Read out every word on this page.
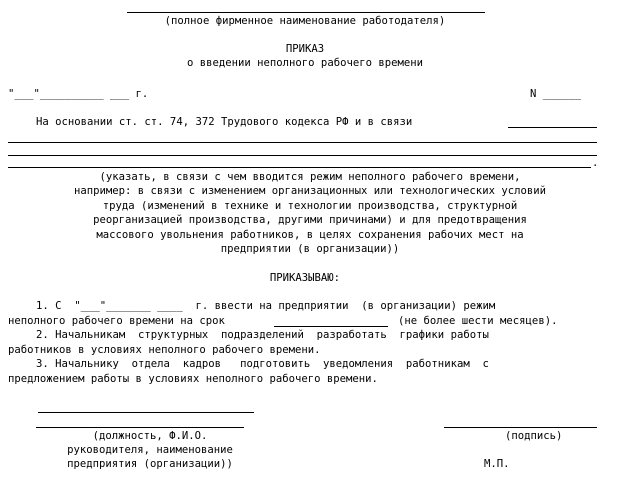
(полное фирменное наименование работодателя)
ПРИКАЗ
о введении неполного рабочего времени
"___"__________ ___ г.	N ______
На основании ст. ст. 74, 372 Трудового кодекса РФ и в связи
.
(указать, в связи с чем вводится режим неполного рабочего времени,
например: в связи с изменением организационных или технологических условий
труда (изменений в технике и технологии производства, структурной
реорганизацией производства, другими причинами) и для предотвращения
массового увольнения работников, в целях сохранения рабочих мест на
предприятии (в организации))
ПРИКАЗЫВАЮ:
1. С  "___"_______ ____  г. ввести на предприятии  (в организации) режим
неполного рабочего времени на срок	(не более шести месяцев).
2. Начальникам  структурных  подразделений  разработать  графики работы
работников в условиях неполного рабочего времени.
3. Начальнику  отдела  кадров   подготовить  уведомления  работникам  с
предложением работы в условиях неполного рабочего времени.
(должность, Ф.И.О.
руководителя, наименование
предприятия (организации))
(подпись)
М.П.
